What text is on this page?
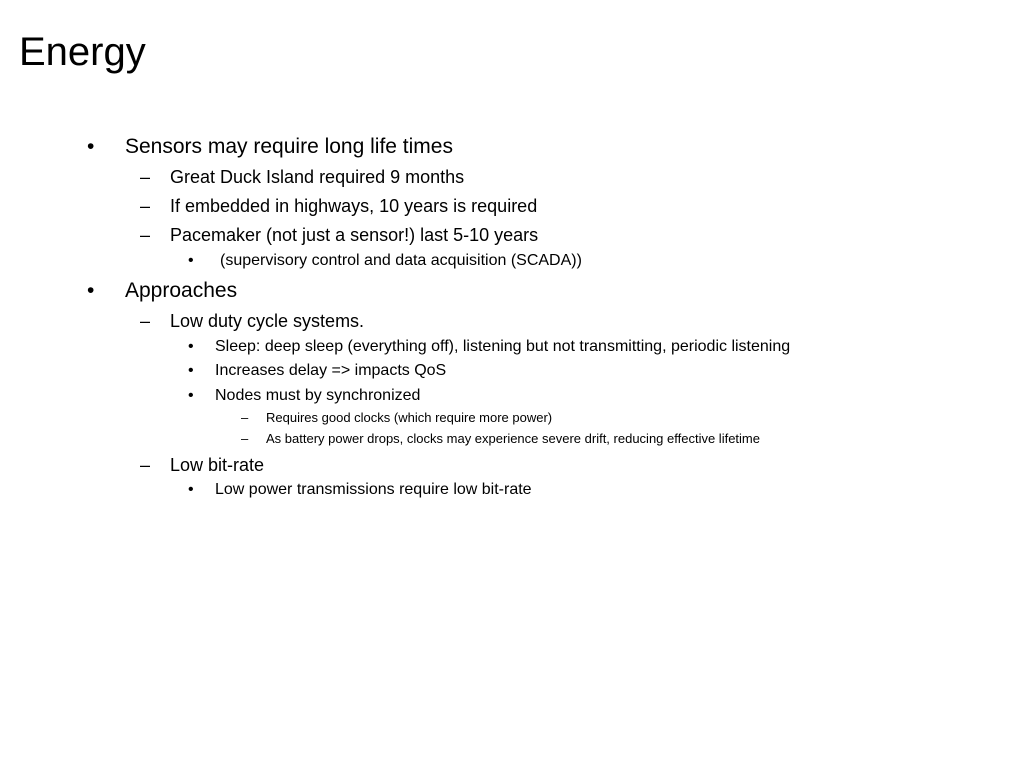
Energy
• Sensors may require long life times
– Great Duck Island required 9 months
– If embedded in highways, 10 years is required
– Pacemaker (not just a sensor!) last 5-10 years
• (supervisory control and data acquisition (SCADA))
• Approaches
– Low duty cycle systems.
• Sleep: deep sleep (everything off), listening but not transmitting, periodic listening
• Increases delay => impacts QoS
• Nodes must by synchronized
– Requires good clocks (which require more power)
– As battery power drops, clocks may experience severe drift, reducing effective lifetime
– Low bit-rate
• Low power transmissions require low bit-rate
